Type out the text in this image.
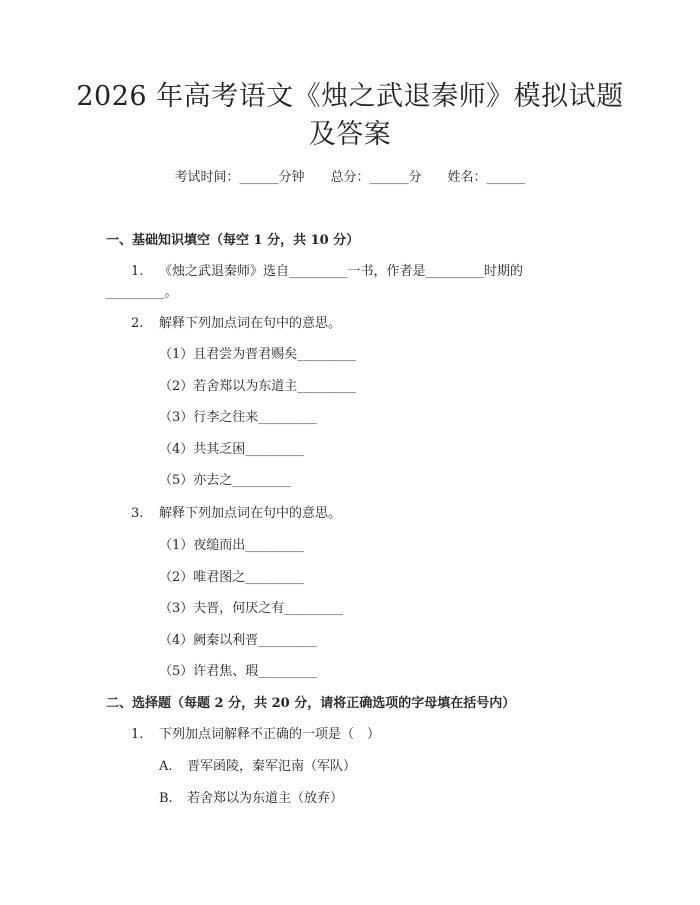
2026 年高考语文《烛之武退秦师》模拟试题
及答案
考试时间：______分钟 总分：______分 姓名：______
一、基础知识填空（每空 1 分，共 10 分）
1. 《烛之武退秦师》选自_________一书，作者是_________时期的
_________。
2. 解释下列加点词在句中的意思。
（1）且君尝为晋君赐矣_________
（2）若舍郑以为东道主_________
（3）行李之往来_________
（4）共其乏困_________
（5）亦去之_________
3. 解释下列加点词在句中的意思。
（1）夜缒而出_________
（2）唯君图之_________
（3）夫晋，何厌之有_________
（4）阙秦以利晋_________
（5）许君焦、瑕_________
二、选择题（每题 2 分，共 20 分，请将正确选项的字母填在括号内）
1. 下列加点词解释不正确的一项是（　）
A. 晋军函陵，秦军氾南（军队）
B. 若舍郑以为东道主（放弃）
